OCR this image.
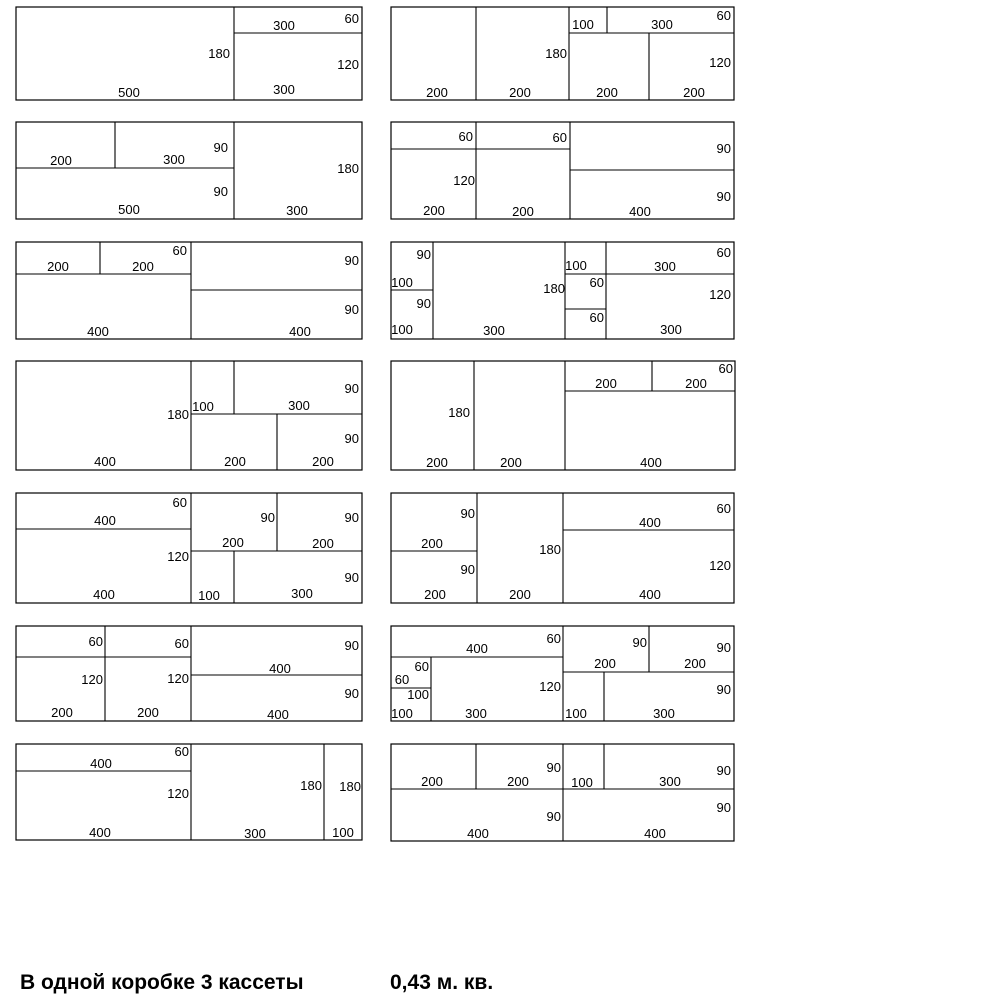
60
300
180
120
300
500
60
100	300
180
120
200	200	200	200
90
300
200
180
90
500	300
60	60
90
120
90
200	200	400
60
200	200	90
90
400	400
90
100
90
100
180
300
60
100	300
60
120
60
300
180
400
90
100	300
90
200	200
60
200	200
180
200	200	400
60
400
120
400
90
200
90
200
90
100	300
90
200
90
200
180
200
60
400
120
400
60	60
120	120
200	200
90
400
90
400
400
60
60
100
60
100
120
300
90
200
90
200
90
100	300
60
400
120
400
180
300
180
100
200
90
200	100
90
300
90
400
90
400
В одной коробке 3 кассеты	0,43 м. кв.
